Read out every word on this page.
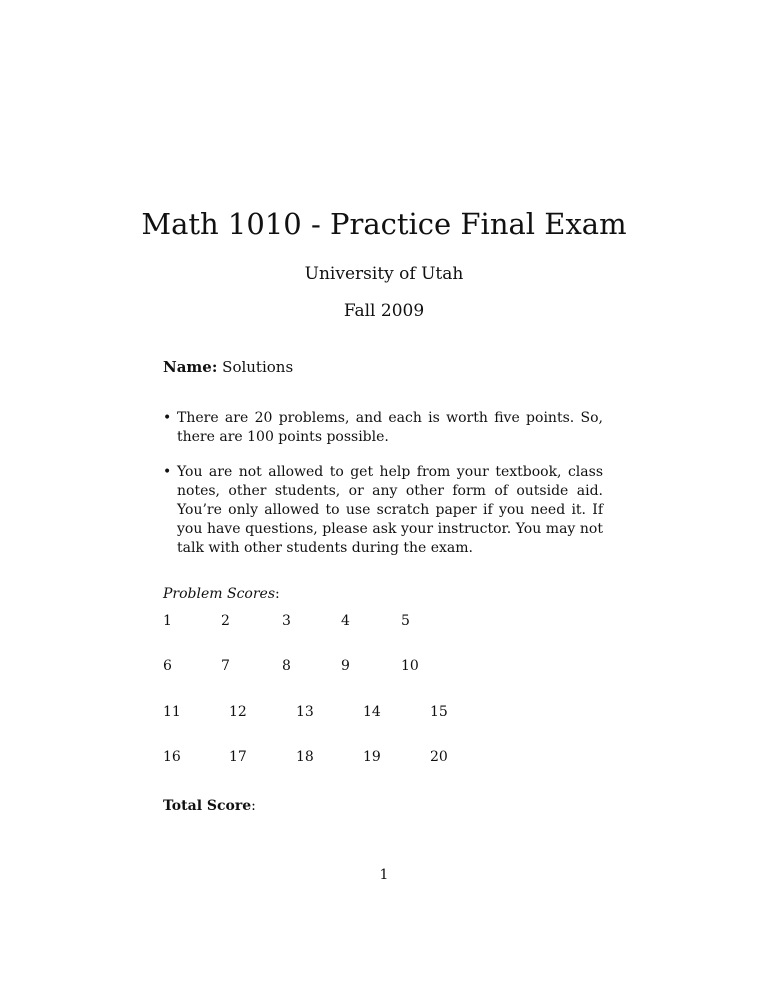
Math 1010 - Practice Final Exam
University of Utah
Fall 2009
Name: Solutions
• There are 20 problems, and each is worth five points. So, there are 100 points possible.
• You are not allowed to get help from your textbook, class notes, other students, or any other form of outside aid. You’re only allowed to use scratch paper if you need it. If you have questions, please ask your instructor. You may not talk with other students during the exam.
Problem Scores:
1	2	3	4	5
6	7	8	9	10
11	12	13	14	15
16	17	18	19	20
Total Score:
1
